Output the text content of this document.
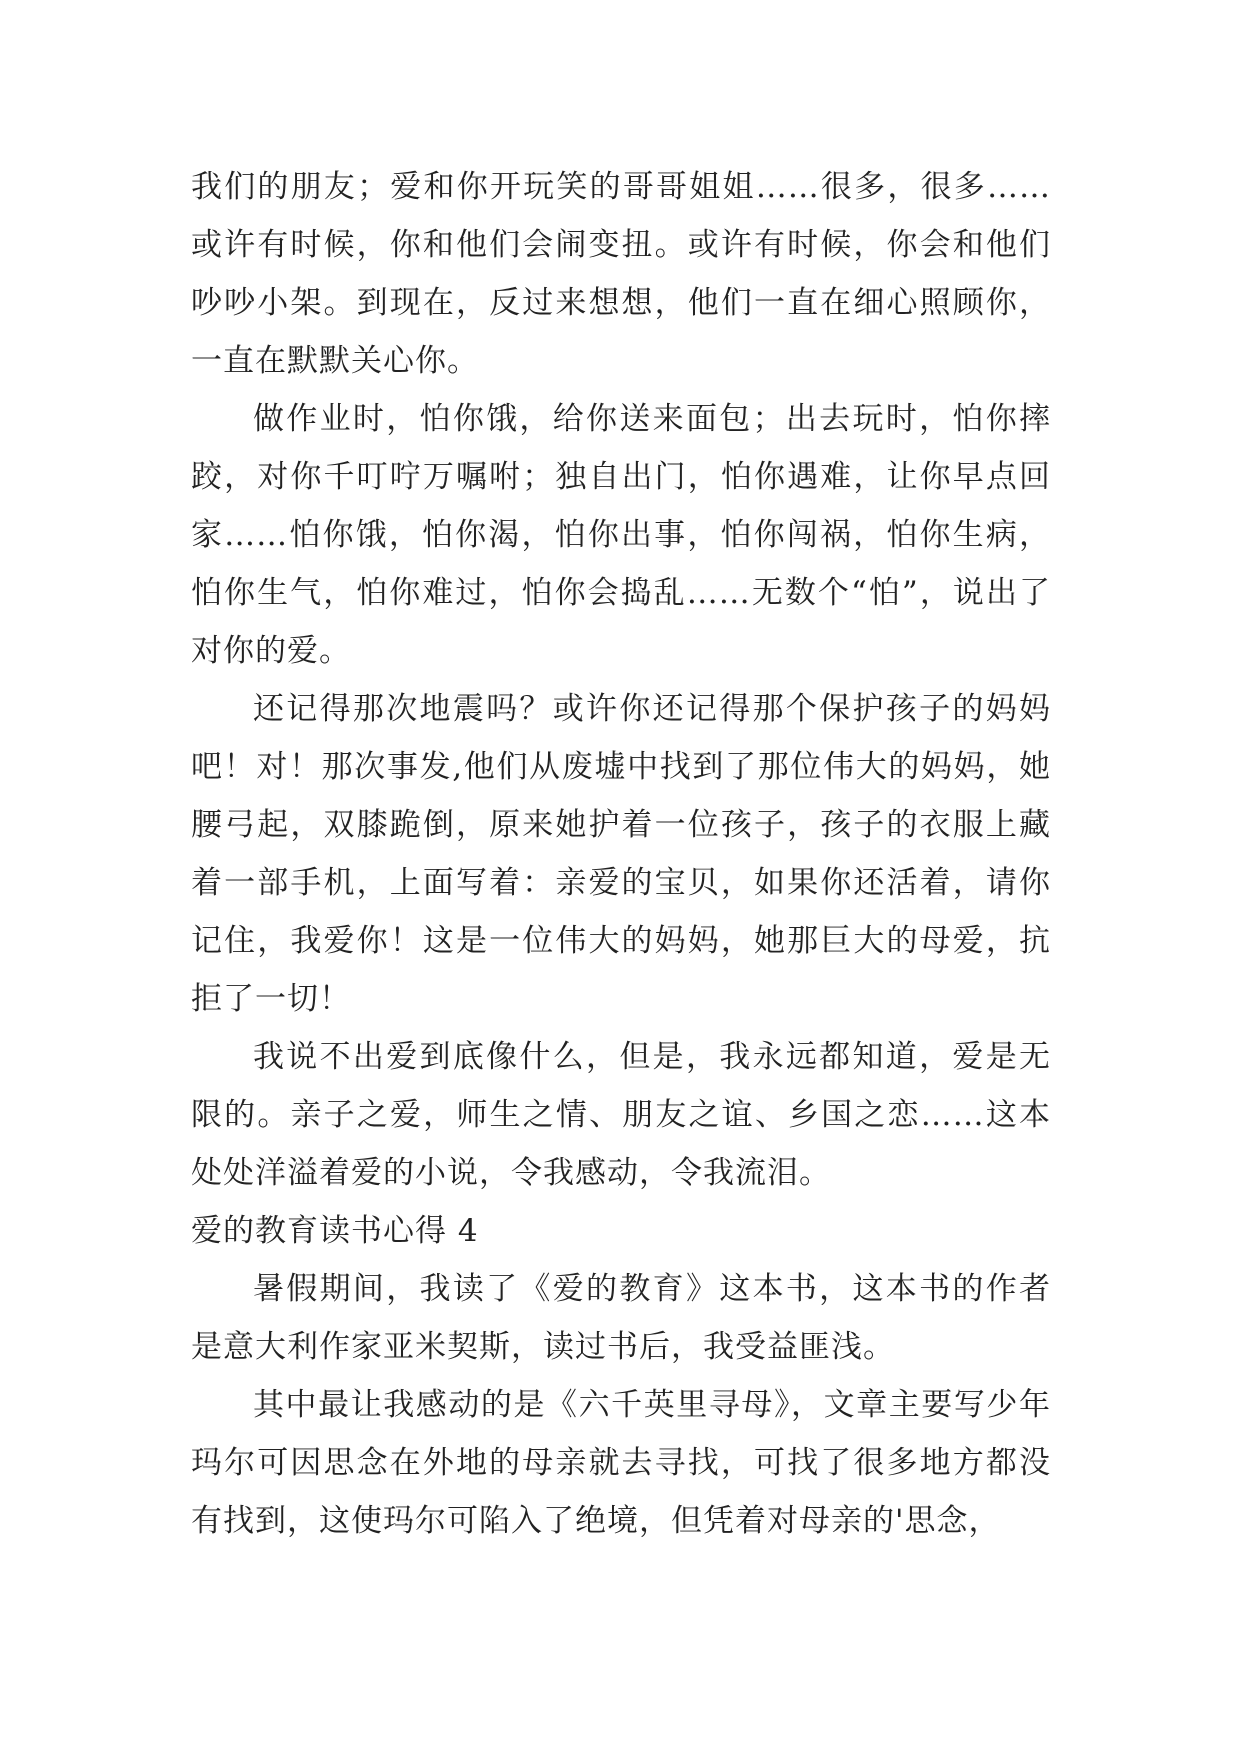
我们的朋友；爱和你开玩笑的哥哥姐姐……很多，很多……或许有时候，你和他们会闹变扭。或许有时候，你会和他们吵吵小架。到现在，反过来想想，他们一直在细心照顾你，一直在默默关心你。

做作业时，怕你饿，给你送来面包；出去玩时，怕你摔跤，对你千叮咛万嘱咐；独自出门，怕你遇难，让你早点回家……怕你饿，怕你渴，怕你出事，怕你闯祸，怕你生病，怕你生气，怕你难过，怕你会捣乱……无数个“怕”，说出了对你的爱。

还记得那次地震吗？或许你还记得那个保护孩子的妈妈吧！对！那次事发,他们从废墟中找到了那位伟大的妈妈，她腰弓起，双膝跪倒，原来她护着一位孩子，孩子的衣服上藏着一部手机，上面写着：亲爱的宝贝，如果你还活着，请你记住，我爱你！这是一位伟大的妈妈，她那巨大的母爱，抗拒了一切！

我说不出爱到底像什么，但是，我永远都知道，爱是无限的。亲子之爱，师生之情、朋友之谊、乡国之恋……这本处处洋溢着爱的小说，令我感动，令我流泪。

爱的教育读书心得 4

暑假期间，我读了《爱的教育》这本书，这本书的作者是意大利作家亚米契斯，读过书后，我受益匪浅。

其中最让我感动的是《六千英里寻母》，文章主要写少年玛尔可因思念在外地的母亲就去寻找，可找了很多地方都没有找到，这使玛尔可陷入了绝境，但凭着对母亲的'思念，
